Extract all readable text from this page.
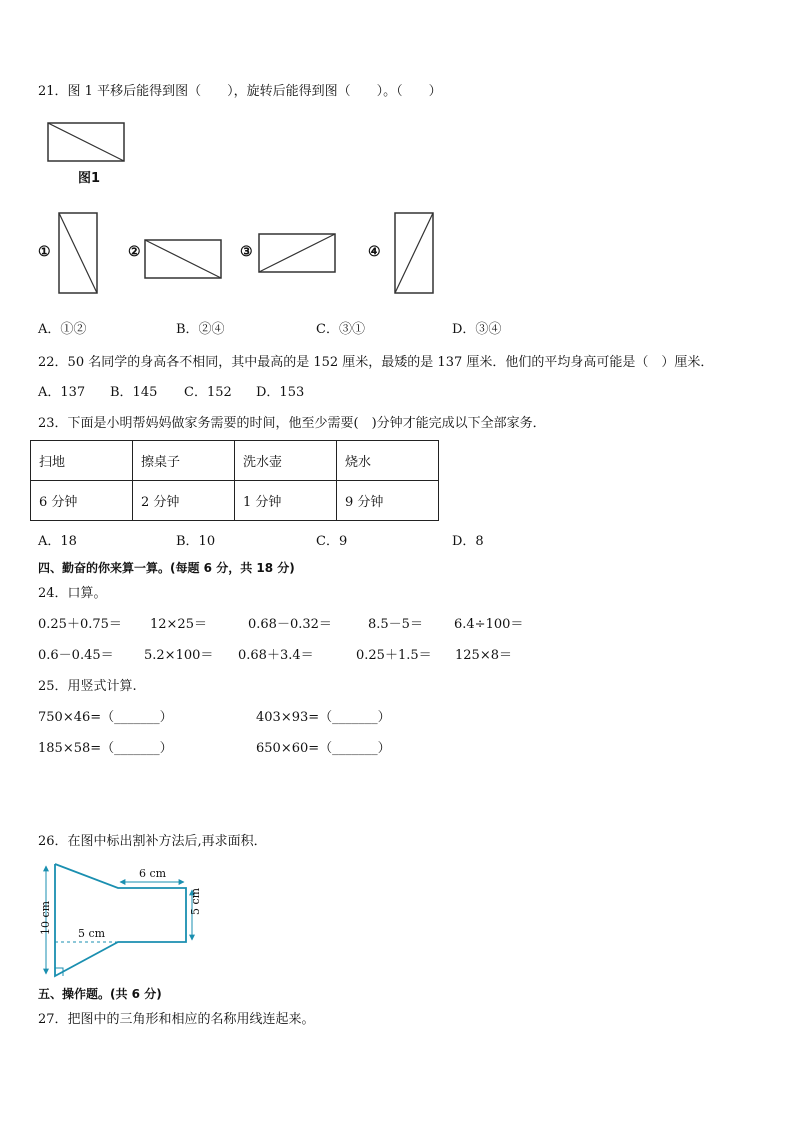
21．图 1 平移后能得到图（　　），旋转后能得到图（　　）。（　　）
图1
①	②	③	④
A．①②	B．②④	C．③①	D．③④
22．50 名同学的身高各不相同，其中最高的是 152 厘米，最矮的是 137 厘米．他们的平均身高可能是（　）厘米．
A．137 B．145 C．152 D．153
23．下面是小明帮妈妈做家务需要的时间，他至少需要(　)分钟才能完成以下全部家务．
扫地	擦桌子	洗水壶	烧水
6 分钟	2 分钟	1 分钟	9 分钟
A．18	B．10	C．9	D．8
四、勤奋的你来算一算。(每题 6 分，共 18 分)
24．口算。
0.25＋0.75＝ 12×25＝	0.68－0.32＝	8.5－5＝ 6.4÷100＝
0.6－0.45＝ 5.2×100＝ 0.68＋3.4＝	0.25＋1.5＝ 125×8＝
25．用竖式计算.
750×46=（_______）	403×93=（_______）
185×58=（_______）	650×60=（_______）
26．在图中标出割补方法后,再求面积．
6 cm
5 cm
10 cm 5 cm
五、操作题。(共 6 分)
27．把图中的三角形和相应的名称用线连起来。
